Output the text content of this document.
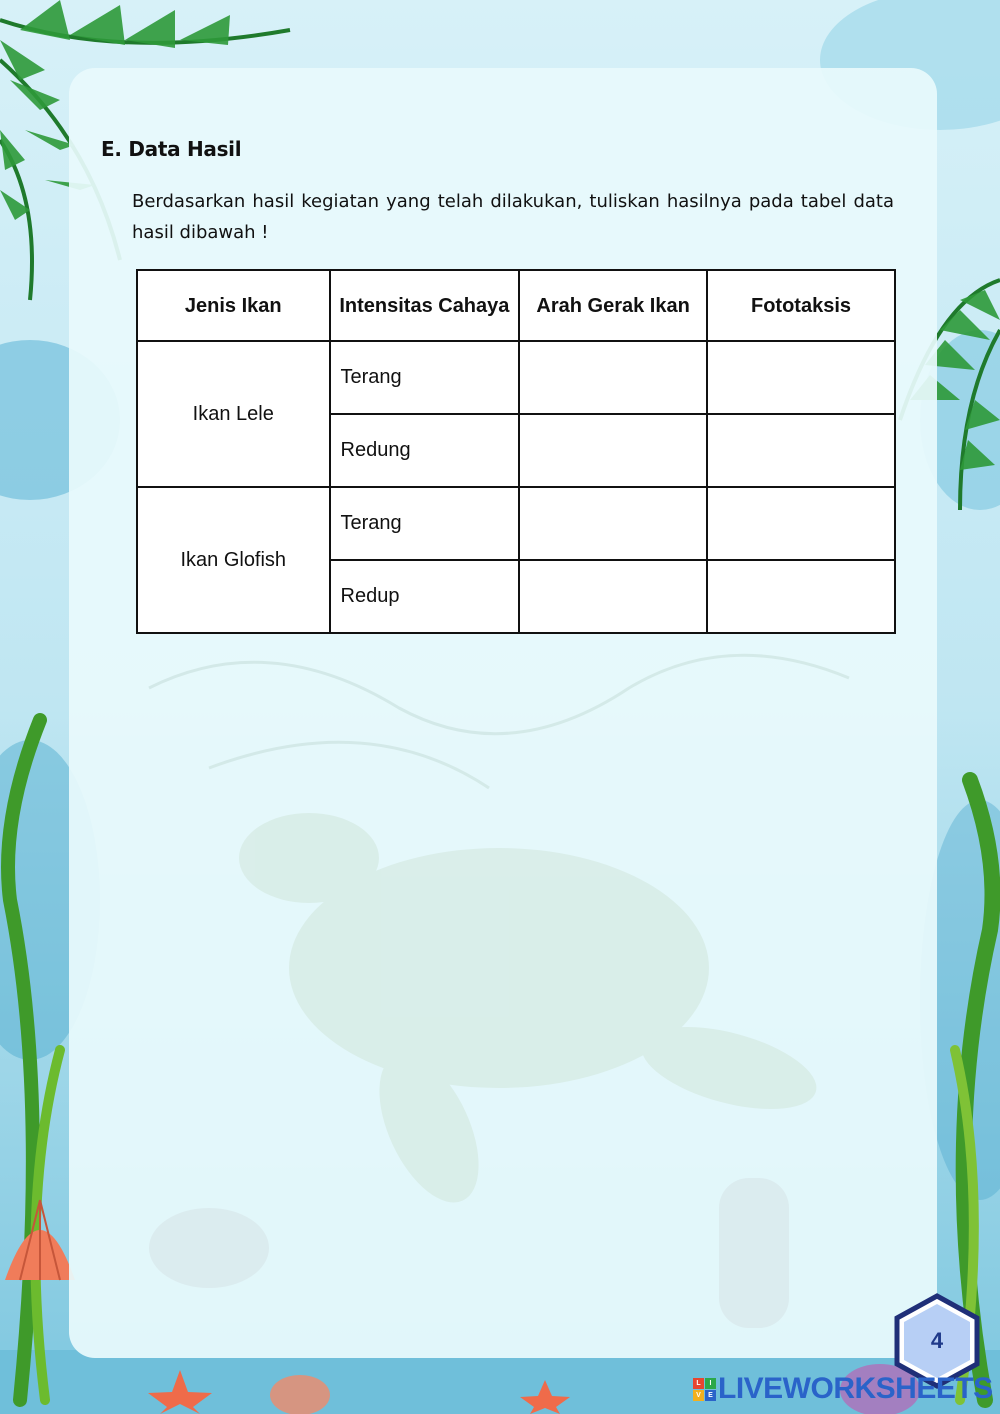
E. Data Hasil
Berdasarkan hasil kegiatan yang telah dilakukan, tuliskan hasilnya pada tabel data hasil dibawah !
Jenis Ikan	Intensitas Cahaya	Arah Gerak Ikan	Fototaksis
Ikan Lele	Terang		
	Redung		
Ikan Glofish	Terang		
	Redup		
4
L	I
V	E LIVEWORKSHEETS
